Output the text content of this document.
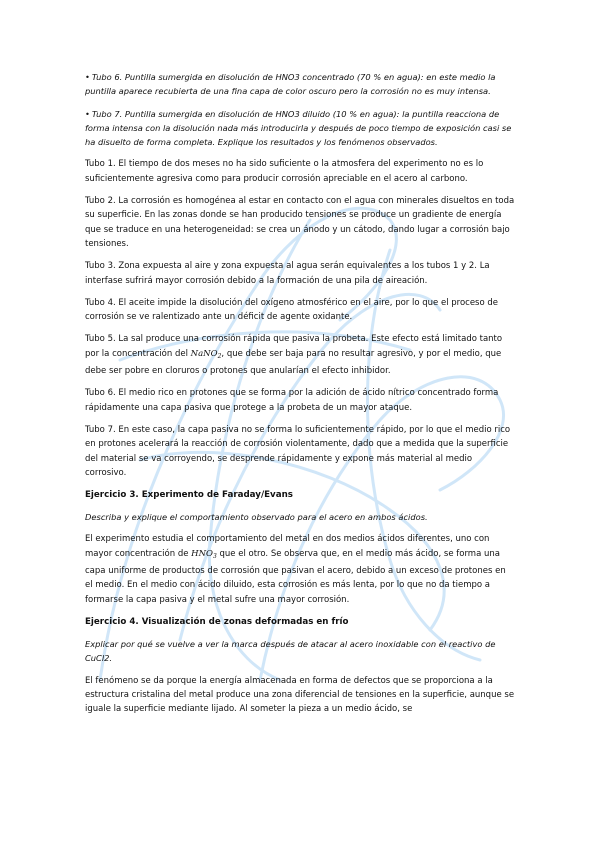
• Tubo 6. Puntilla sumergida en disolución de HNO3 concentrado (70 % en agua): en este medio la puntilla aparece recubierta de una fina capa de color oscuro pero la corrosión no es muy intensa.

• Tubo 7. Puntilla sumergida en disolución de HNO3 diluido (10 % en agua): la puntilla reacciona de forma intensa con la disolución nada más introducirla y después de poco tiempo de exposición casi se ha disuelto de forma completa. Explique los resultados y los fenómenos observados.

Tubo 1. El tiempo de dos meses no ha sido suficiente o la atmosfera del experimento no es lo suficientemente agresiva como para producir corrosión apreciable en el acero al carbono.

Tubo 2. La corrosión es homogénea al estar en contacto con el agua con minerales disueltos en toda su superficie. En las zonas donde se han producido tensiones se produce un gradiente de energía que se traduce en una heterogeneidad: se crea un ánodo y un cátodo, dando lugar a corrosión bajo tensiones.

Tubo 3. Zona expuesta al aire y zona expuesta al agua serán equivalentes a los tubos 1 y 2. La interfase sufrirá mayor corrosión debido a la formación de una pila de aireación.

Tubo 4. El aceite impide la disolución del oxígeno atmosférico en el aire, por lo que el proceso de corrosión se ve ralentizado ante un déficit de agente oxidante.

Tubo 5. La sal produce una corrosión rápida que pasiva la probeta. Este efecto está limitado tanto por la concentración del NaNO$_2$, que debe ser baja para no resultar agresivo, y por el medio, que debe ser pobre en cloruros o protones que anularían el efecto inhibidor.

Tubo 6. El medio rico en protones que se forma por la adición de ácido nítrico concentrado forma rápidamente una capa pasiva que protege a la probeta de un mayor ataque.

Tubo 7. En este caso, la capa pasiva no se forma lo suficientemente rápido, por lo que el medio rico en protones acelerará la reacción de corrosión violentamente, dado que a medida que la superficie del material se va corroyendo, se desprende rápidamente y expone más material al medio corrosivo.

Ejercicio 3. Experimento de Faraday/Evans

Describa y explique el comportamiento observado para el acero en ambos ácidos.

El experimento estudia el comportamiento del metal en dos medios ácidos diferentes, uno con mayor concentración de $HNO_3$ que el otro. Se observa que, en el medio más ácido, se forma una capa uniforme de productos de corrosión que pasivan el acero, debido a un exceso de protones en el medio. En el medio con ácido diluido, esta corrosión es más lenta, por lo que no da tiempo a formarse la capa pasiva y el metal sufre una mayor corrosión.

Ejercicio 4. Visualización de zonas deformadas en frío

Explicar por qué se vuelve a ver la marca después de atacar al acero inoxidable con el reactivo de CuCl2.

El fenómeno se da porque la energía almacenada en forma de defectos que se proporciona a la estructura cristalina del metal produce una zona diferencial de tensiones en la superficie, aunque se iguale la superficie mediante lijado. Al someter la pieza a un medio ácido, se
